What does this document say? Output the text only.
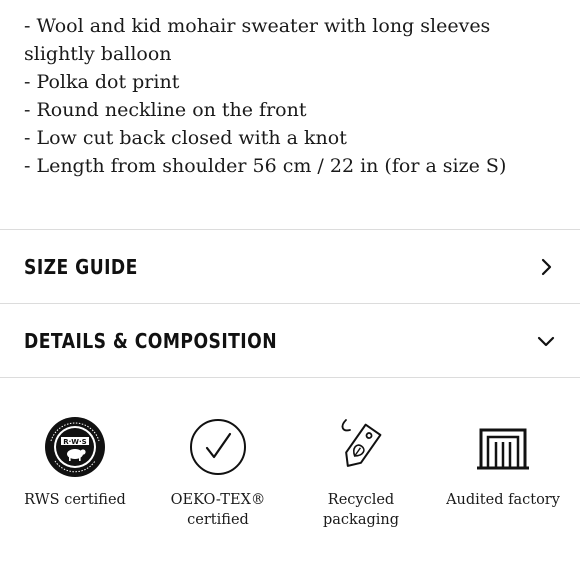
- Wool and kid mohair sweater with long sleeves slightly balloon
- Polka dot print
- Round neckline on the front
- Low cut back closed with a knot
- Length from shoulder 56 cm / 22 in (for a size S)
SIZE GUIDE
DETAILS & COMPOSITION
R·W·S
RWS certified	OEKO-TEX®
certified
Recycled
packaging
Audited factory
